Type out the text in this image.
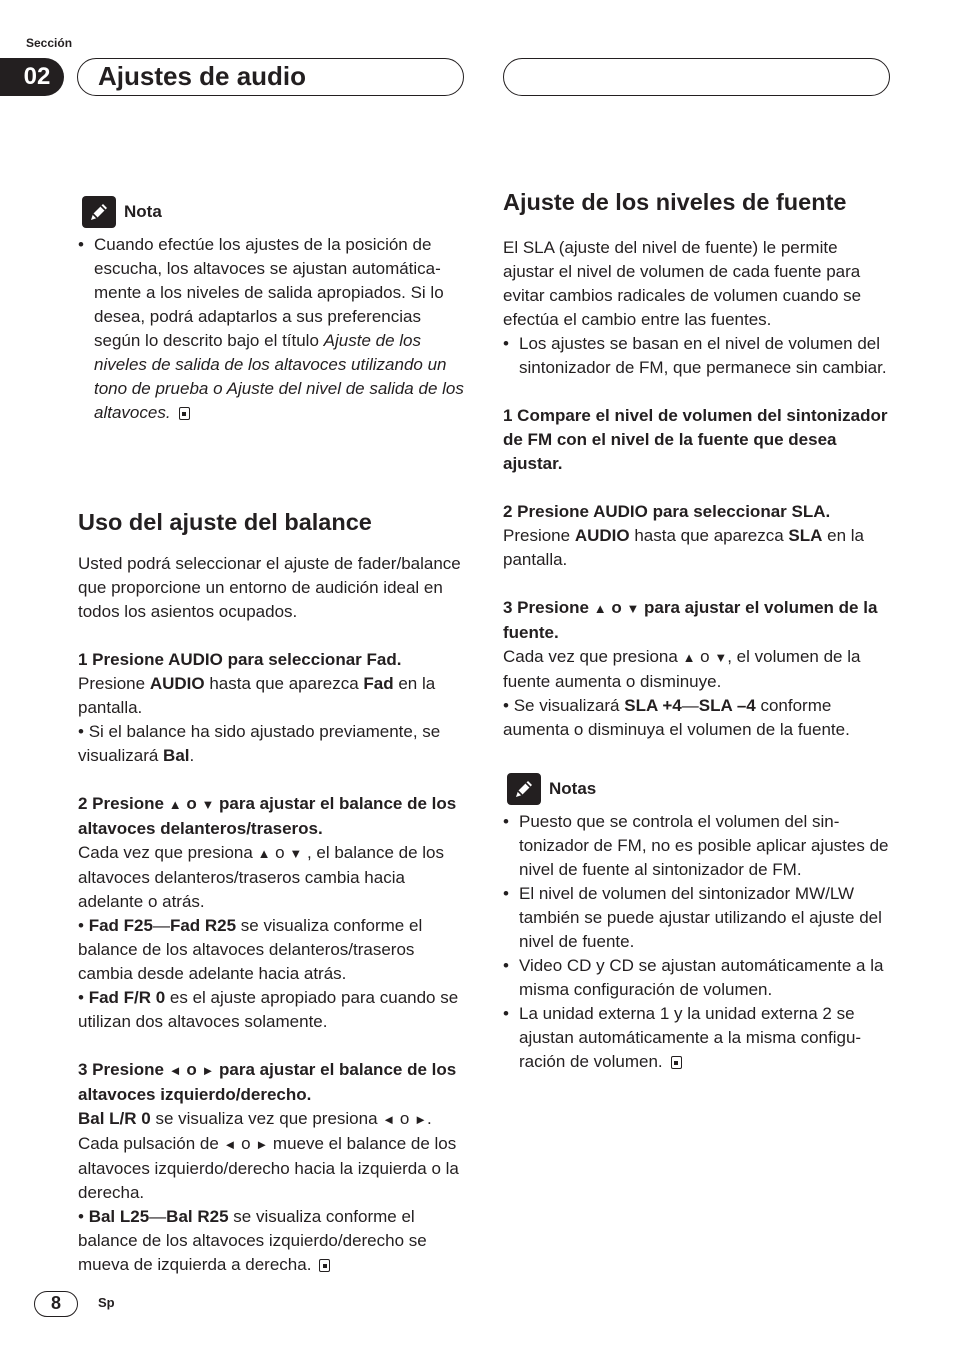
Sección
02	Ajustes de audio
Nota
• Cuando efectúe los ajustes de la posición de escucha, los altavoces se ajustan automáticamente a los niveles de salida apropiados. Si lo desea, podrá adaptarlos a sus preferencias según lo descrito bajo el título Ajuste de los niveles de salida de los altavoces utilizando un tono de prueba o Ajuste del nivel de salida de los altavoces.
Uso del ajuste del balance

Usted podrá seleccionar el ajuste de fader/balance que proporcione un entorno de audición ideal en todos los asientos ocupados.

1 Presione AUDIO para seleccionar Fad.

Presione AUDIO hasta que aparezca Fad en la pantalla.

• Si el balance ha sido ajustado previamente, se visualizará Bal.

2 Presione ▲ o ▼ para ajustar el balance de los altavoces delanteros/traseros.

Cada vez que presiona ▲ o ▼ , el balance de los altavoces delanteros/traseros cambia hacia adelante o atrás.

• Fad F25—Fad R25 se visualiza conforme el balance de los altavoces delanteros/traseros cambia desde adelante hacia atrás.

• Fad F/R 0 es el ajuste apropiado para cuando se utilizan dos altavoces solamente.

3 Presione ◄ o ► para ajustar el balance de los altavoces izquierdo/derecho.

Bal L/R 0 se visualiza vez que presiona ◄ o ►.

Cada pulsación de ◄ o ► mueve el balance de los altavoces izquierdo/derecho hacia la izquierda o la derecha.

• Bal L25—Bal R25 se visualiza conforme el balance de los altavoces izquierdo/derecho se mueva de izquierda a derecha.

Ajuste de los niveles de fuente

El SLA (ajuste del nivel de fuente) le permite ajustar el nivel de volumen de cada fuente para evitar cambios radicales de volumen cuando se efectúa el cambio entre las fuentes.

• Los ajustes se basan en el nivel de volumen del sintonizador de FM, que permanece sin cambiar.

1 Compare el nivel de volumen del sintonizador de FM con el nivel de la fuente que desea ajustar.

2 Presione AUDIO para seleccionar SLA.

Presione AUDIO hasta que aparezca SLA en la pantalla.

3 Presione ▲ o ▼ para ajustar el volumen de la fuente.

Cada vez que presiona ▲ o ▼, el volumen de la fuente aumenta o disminuye.

• Se visualizará SLA +4—SLA –4 conforme aumenta o disminuya el volumen de la fuente.

Notas
• Puesto que se controla el volumen del sintonizador de FM, no es posible aplicar ajustes de nivel de fuente al sintonizador de FM.
• El nivel de volumen del sintonizador MW/LW también se puede ajustar utilizando el ajuste del nivel de fuente.
• Video CD y CD se ajustan automáticamente a la misma configuración de volumen.
• La unidad externa 1 y la unidad externa 2 se ajustan automáticamente a la misma configuración de volumen.
8	Sp
